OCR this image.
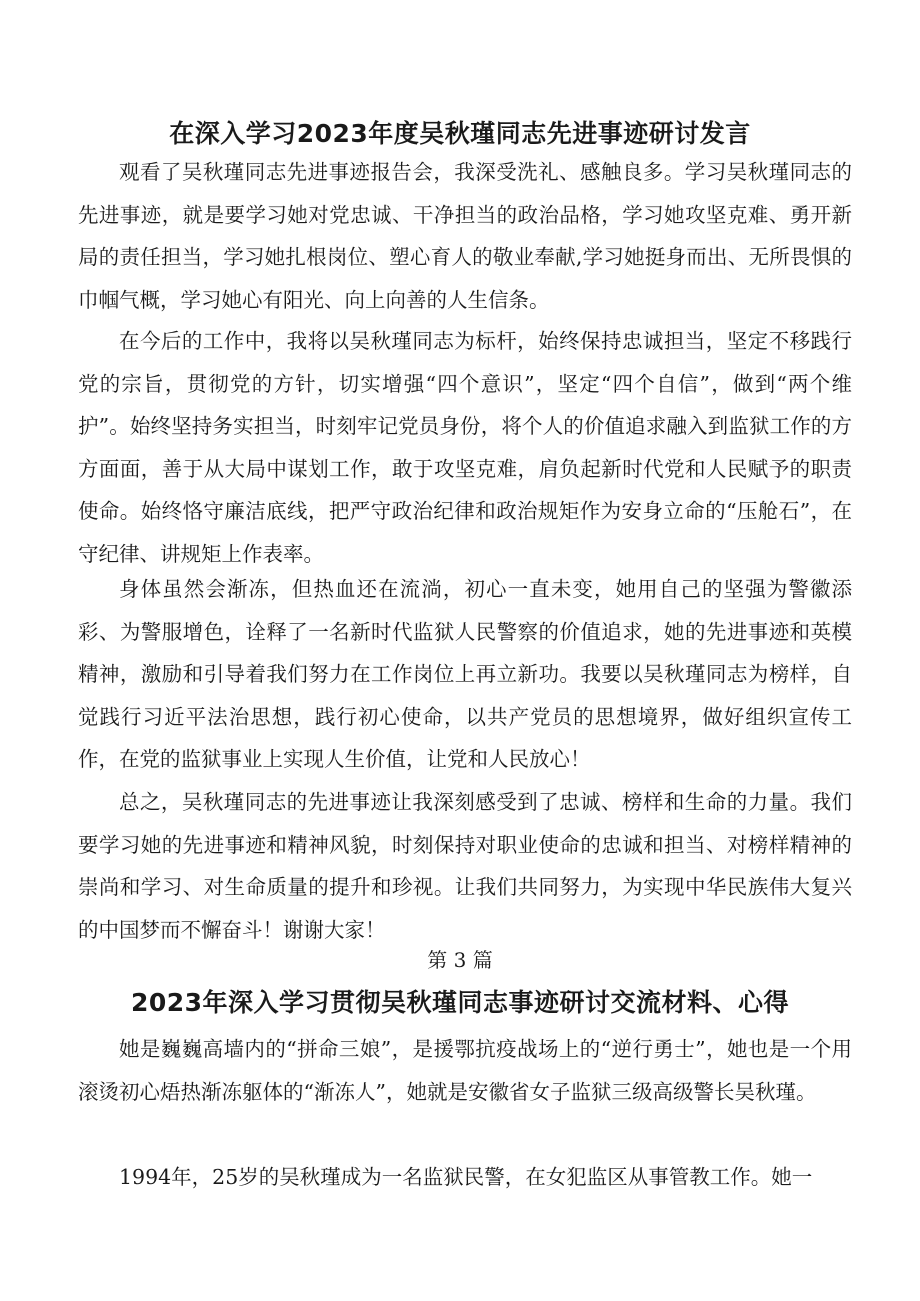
在深入学习2023年度吴秋瑾同志先进事迹研讨发言

观看了吴秋瑾同志先进事迹报告会，我深受洗礼、感触良多。学习吴秋瑾同志的先进事迹，就是要学习她对党忠诚、干净担当的政治品格，学习她攻坚克难、勇开新局的责任担当，学习她扎根岗位、塑心育人的敬业奉献,学习她挺身而出、无所畏惧的巾帼气概，学习她心有阳光、向上向善的人生信条。

在今后的工作中，我将以吴秋瑾同志为标杆，始终保持忠诚担当，坚定不移践行党的宗旨，贯彻党的方针，切实增强“四个意识”，坚定“四个自信”，做到“两个维护”。始终坚持务实担当，时刻牢记党员身份，将个人的价值追求融入到监狱工作的方方面面，善于从大局中谋划工作，敢于攻坚克难，肩负起新时代党和人民赋予的职责使命。始终恪守廉洁底线，把严守政治纪律和政治规矩作为安身立命的“压舱石”，在守纪律、讲规矩上作表率。

身体虽然会渐冻，但热血还在流淌，初心一直未变，她用自己的坚强为警徽添彩、为警服增色，诠释了一名新时代监狱人民警察的价值追求，她的先进事迹和英模精神，激励和引导着我们努力在工作岗位上再立新功。我要以吴秋瑾同志为榜样，自觉践行习近平法治思想，践行初心使命，以共产党员的思想境界，做好组织宣传工作，在党的监狱事业上实现人生价值，让党和人民放心！

总之，吴秋瑾同志的先进事迹让我深刻感受到了忠诚、榜样和生命的力量。我们要学习她的先进事迹和精神风貌，时刻保持对职业使命的忠诚和担当、对榜样精神的崇尚和学习、对生命质量的提升和珍视。让我们共同努力，为实现中华民族伟大复兴的中国梦而不懈奋斗！谢谢大家！

第 3 篇
2023年深入学习贯彻吴秋瑾同志事迹研讨交流材料、心得

她是巍巍高墙内的“拼命三娘”，是援鄂抗疫战场上的“逆行勇士”，她也是一个用滚烫初心焐热渐冻躯体的“渐冻人”，她就是安徽省女子监狱三级高级警长吴秋瑾。

1994年，25岁的吴秋瑾成为一名监狱民警，在女犯监区从事管教工作。她一
